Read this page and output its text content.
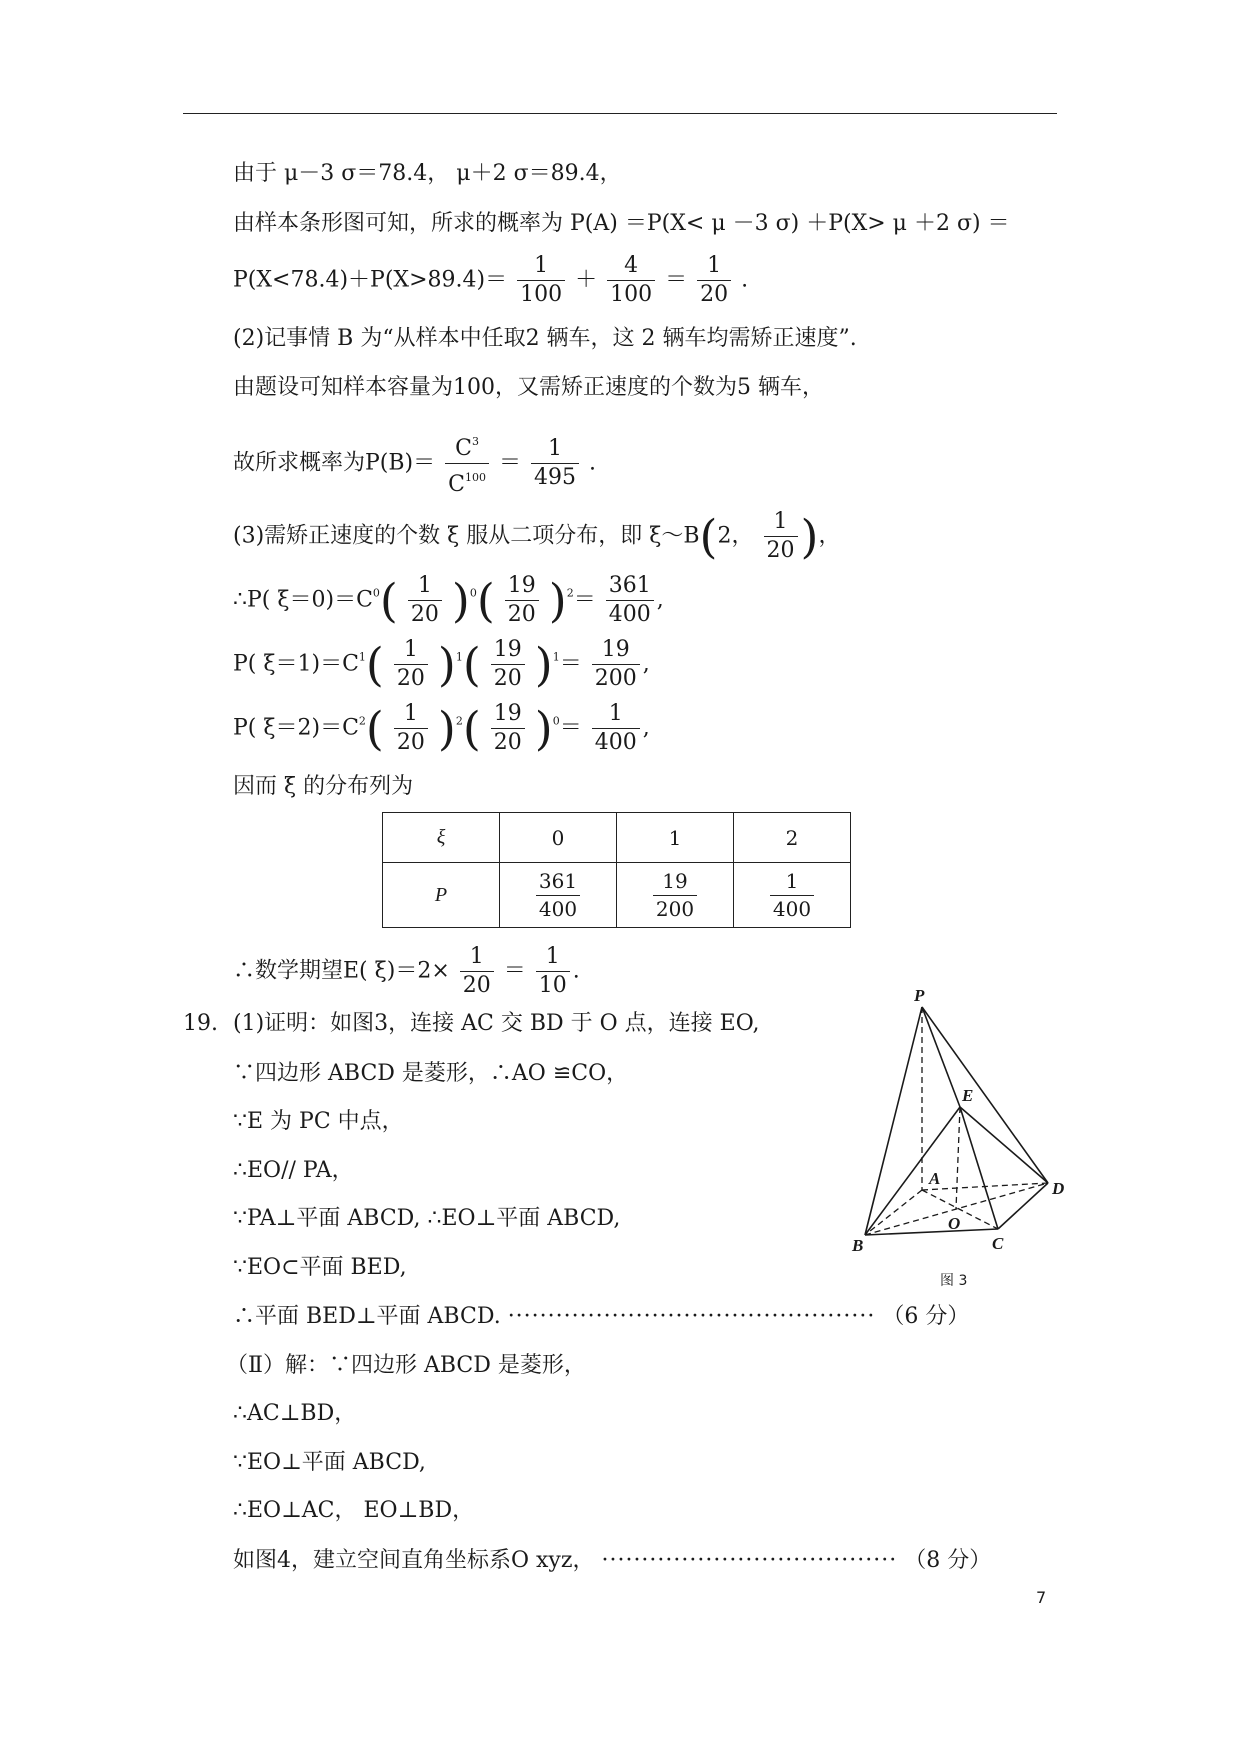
由于 μ－3 σ＝78.4， μ＋2 σ＝89.4，
由样本条形图可知，所求的概率为 P(A) ＝P(X< μ －3 σ) ＋P(X> μ ＋2 σ) ＝
$P(X<78.4)+P(X>89.4)= \frac{1}{100} + \frac{4}{100} = \frac{1}{20}$ .
(2)记事情 B 为“从样本中任取2 辆车，这 2 辆车均需矫正速度”.
由题设可知样本容量为100，又需矫正速度的个数为5 辆车，
故所求概率为$P(B)= \frac{C^3}{C^{100}} = \frac{1}{495}$ .
(3)需矫正速度的个数 ξ 服从二项分布，即 ξ～B(2， $\frac{1}{20}$ )，
∴P( $\xi=0)=C^0( \frac{1}{20} )^0( \frac{19}{20} )^2= \frac{361}{400}$ ,
P( $\xi=1)=C^1( \frac{1}{20} )^1( \frac{19}{20} )^1= \frac{19}{200}$ ,
P( $\xi=2)=C^2( \frac{1}{20} )^2( \frac{19}{20} )^0= \frac{1}{400}$ ,
因而 ξ 的分布列为
ξ	0	1	2
P	$\frac{361}{400}$	$\frac{19}{200}$	$\frac{1}{400}$
∴数学期望E( $\xi)=2\times \frac{1}{20} = \frac{1}{10}$ .
19. (1)证明：如图3，连接 AC 交 BD 于 O 点，连接 EO,
∵四边形 ABCD 是菱形，∴AO ≌CO，
∵E 为 PC 中点，
∴EO// PA，
∵PA⊥平面 ABCD, ∴EO⊥平面 ABCD,
∵EO⊂平面 BED,
∴平面 BED⊥平面 ABCD. ·············································· （6 分）
（Ⅱ）解：∵四边形 ABCD 是菱形，
∴AC⊥BD，
∵EO⊥平面 ABCD,
∴EO⊥AC， EO⊥BD，
如图4，建立空间直角坐标系O xyz， ····································· （8 分）
P
E
A
D
O
B	C
图 3
7
